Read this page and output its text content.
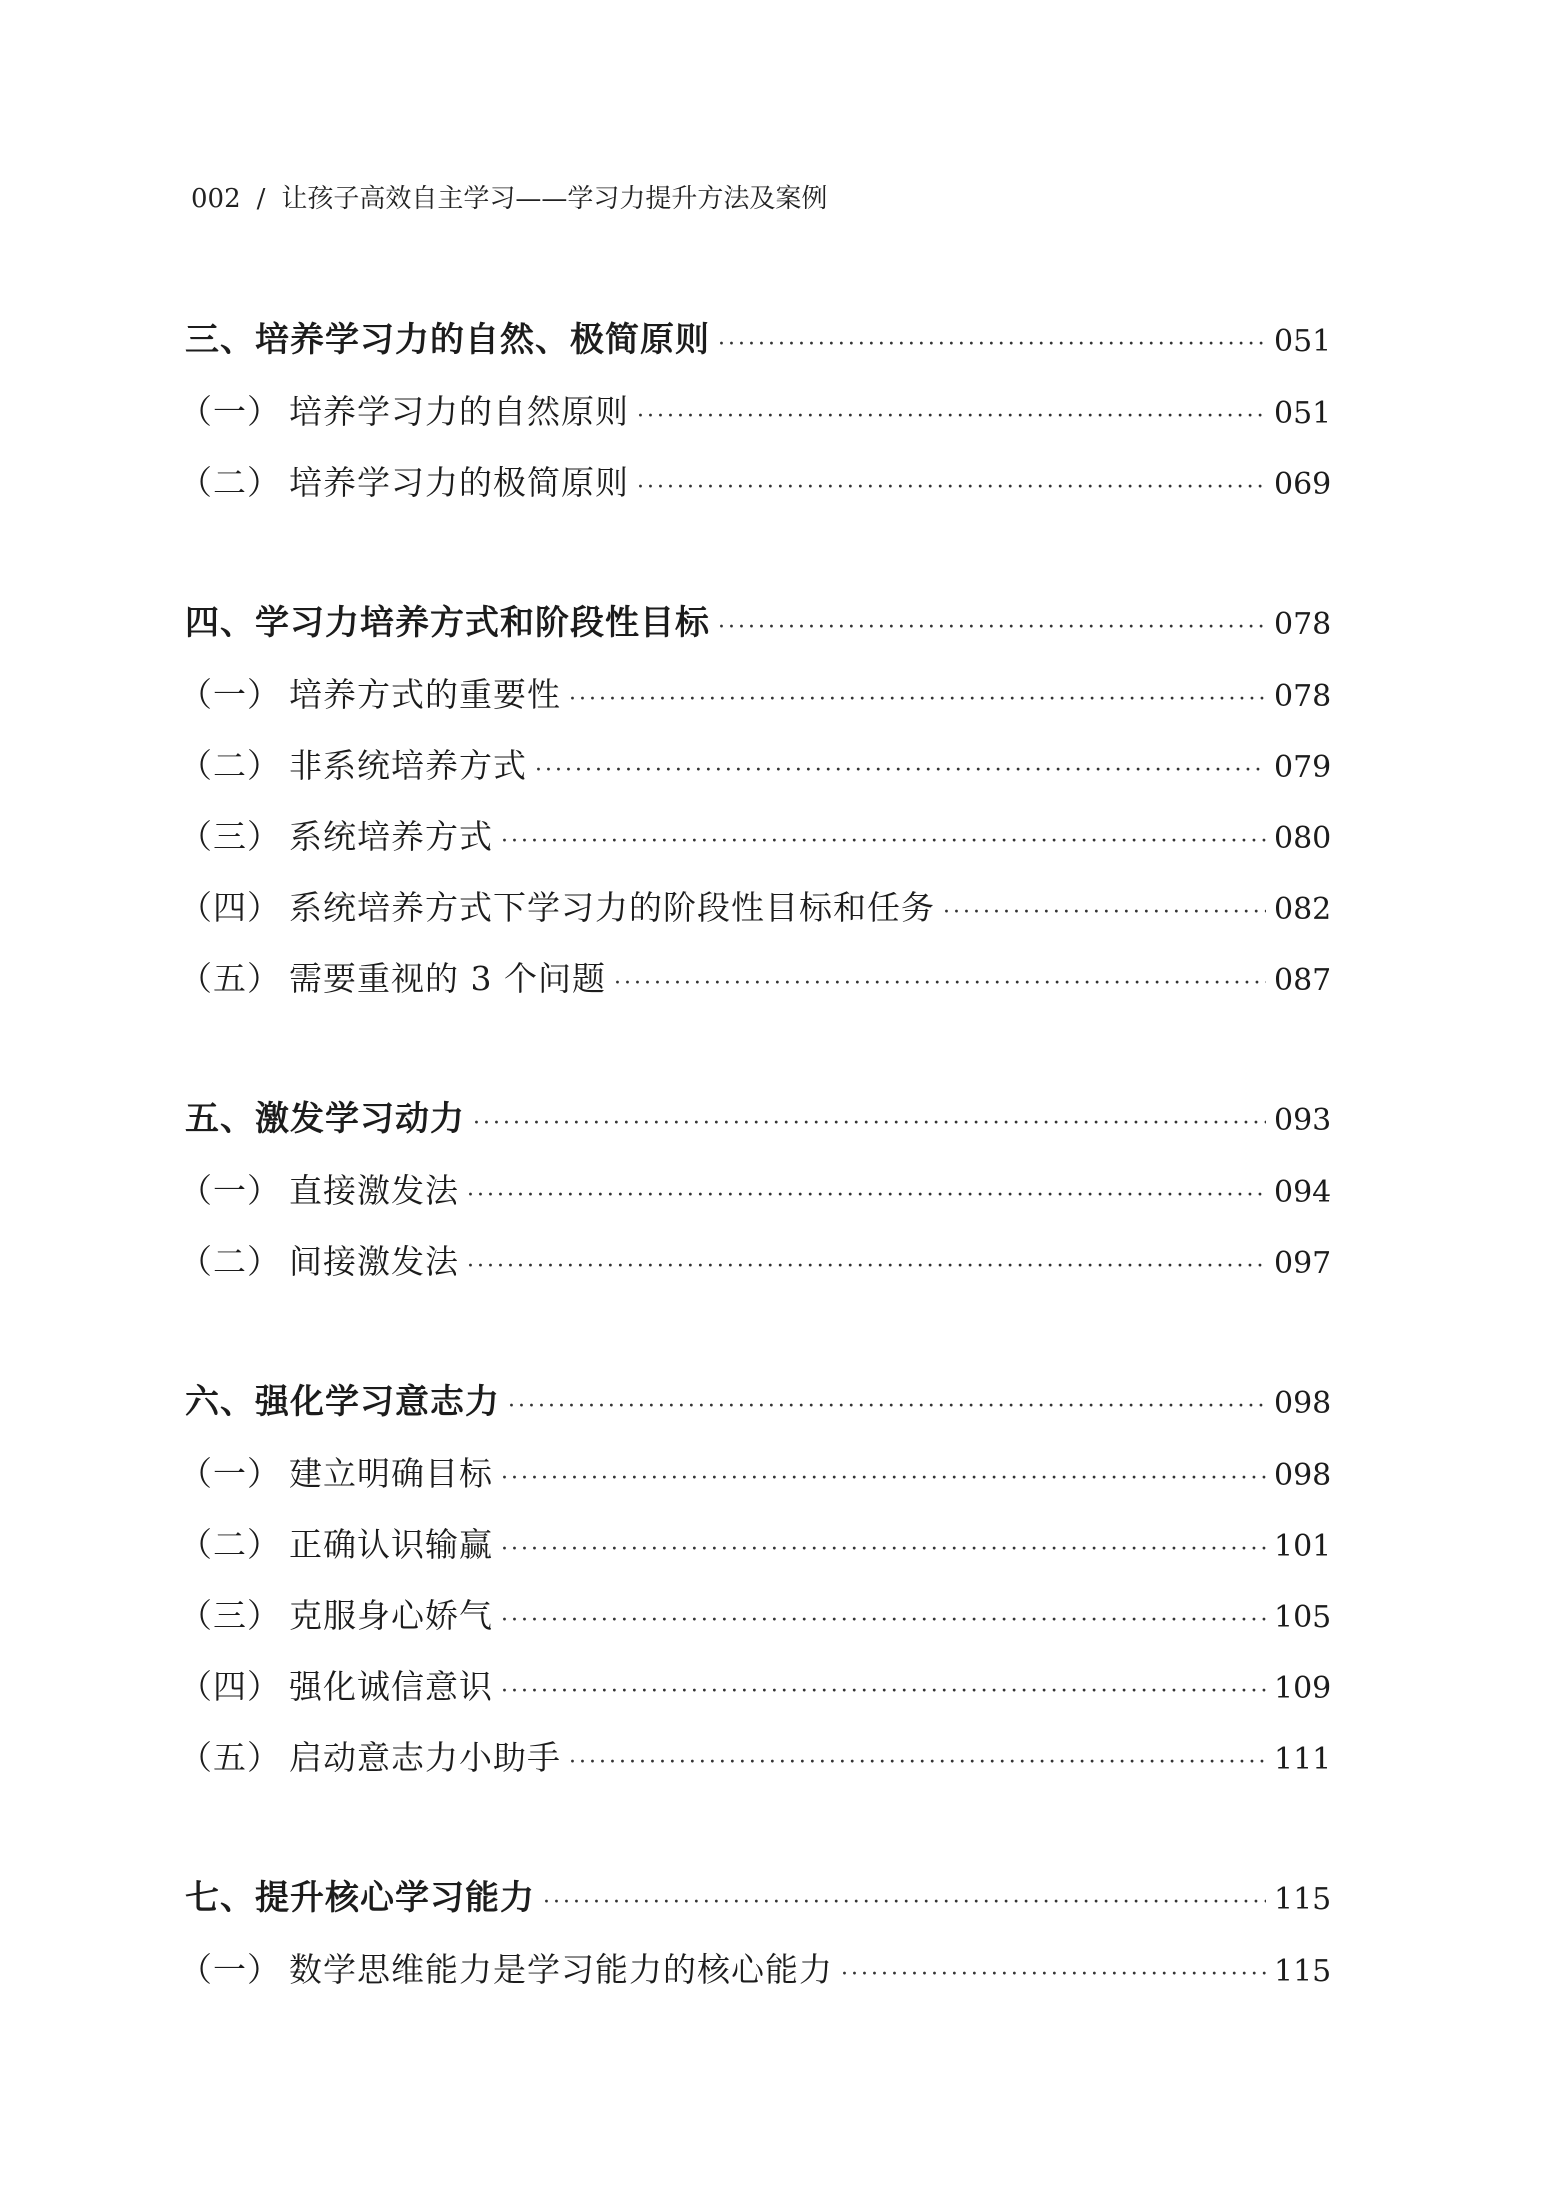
002 / 让孩子高效自主学习——学习力提升方法及案例
三、培养学习力的自然、极简原则 ·····	051
（一） 培养学习力的自然原则 ·····	051
（二） 培养学习力的极简原则 ·····	069
四、学习力培养方式和阶段性目标 ·····	078
（一） 培养方式的重要性 ·····	078
（二） 非系统培养方式 ·····	079
（三） 系统培养方式 ·····	080
（四） 系统培养方式下学习力的阶段性目标和任务 ·····	082
（五） 需要重视的 3 个问题 ·····	087
五、激发学习动力 ·····	093
（一） 直接激发法 ·····	094
（二） 间接激发法 ·····	097
六、强化学习意志力 ·····	098
（一） 建立明确目标 ·····	098
（二） 正确认识输赢 ·····	101
（三） 克服身心娇气 ·····	105
（四） 强化诚信意识 ·····	109
（五） 启动意志力小助手 ·····	111
七、提升核心学习能力 ·····	115
（一） 数学思维能力是学习能力的核心能力 ·····	115
